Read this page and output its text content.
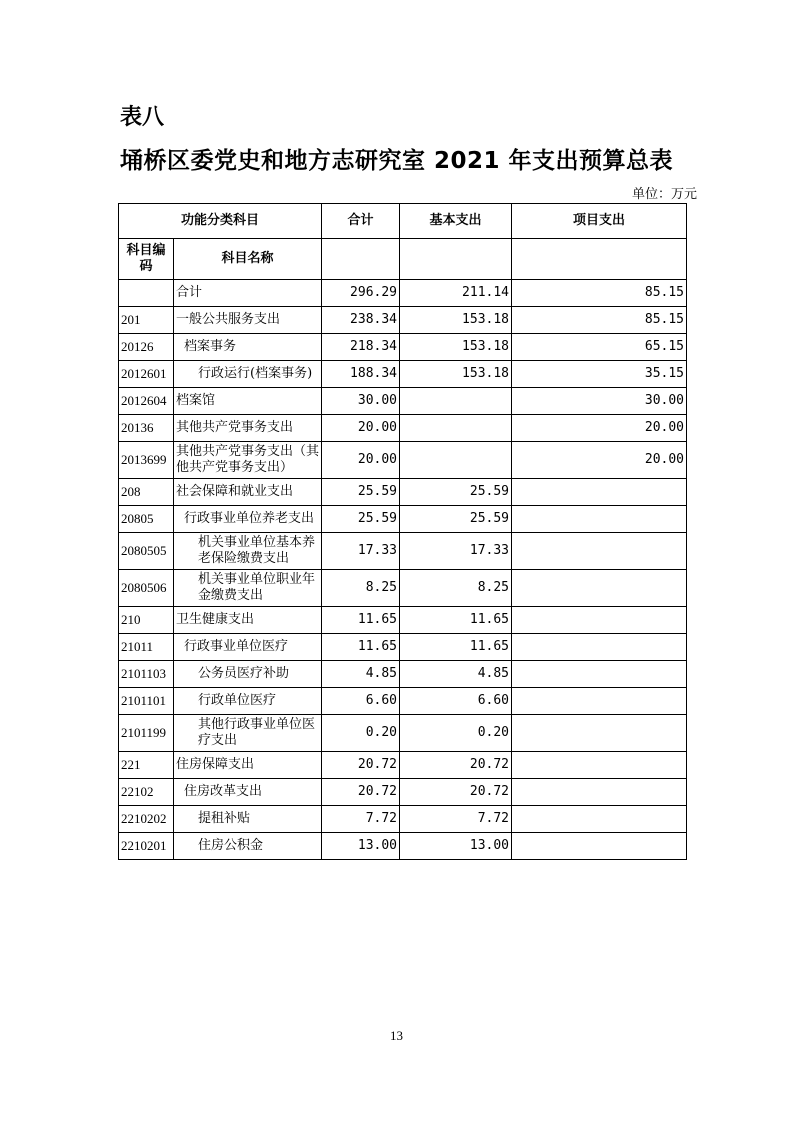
表八
埇桥区委党史和地方志研究室 2021 年支出预算总表
单位：万元
功能分类科目		合计	基本支出	项目支出
科目编码	科目名称			
	合计	296.29	211.14	85.15
201	一般公共服务支出	238.34	153.18	85.15
20126	档案事务	218.34	153.18	65.15
2012601	行政运行(档案事务)	188.34	153.18	35.15
2012604	档案馆	30.00		30.00
20136	其他共产党事务支出	20.00		20.00
2013699	其他共产党事务支出（其他共产党事务支出）	20.00		20.00
208	社会保障和就业支出	25.59	25.59	
20805	行政事业单位养老支出	25.59	25.59	
2080505	机关事业单位基本养老保险缴费支出	17.33	17.33	
2080506	机关事业单位职业年金缴费支出	8.25	8.25	
210	卫生健康支出	11.65	11.65	
21011	行政事业单位医疗	11.65	11.65	
2101103	公务员医疗补助	4.85	4.85	
2101101	行政单位医疗	6.60	6.60	
2101199	其他行政事业单位医疗支出	0.20	0.20	
221	住房保障支出	20.72	20.72	
22102	住房改革支出	20.72	20.72	
2210202	提租补贴	7.72	7.72	
2210201	住房公积金	13.00	13.00	
13
